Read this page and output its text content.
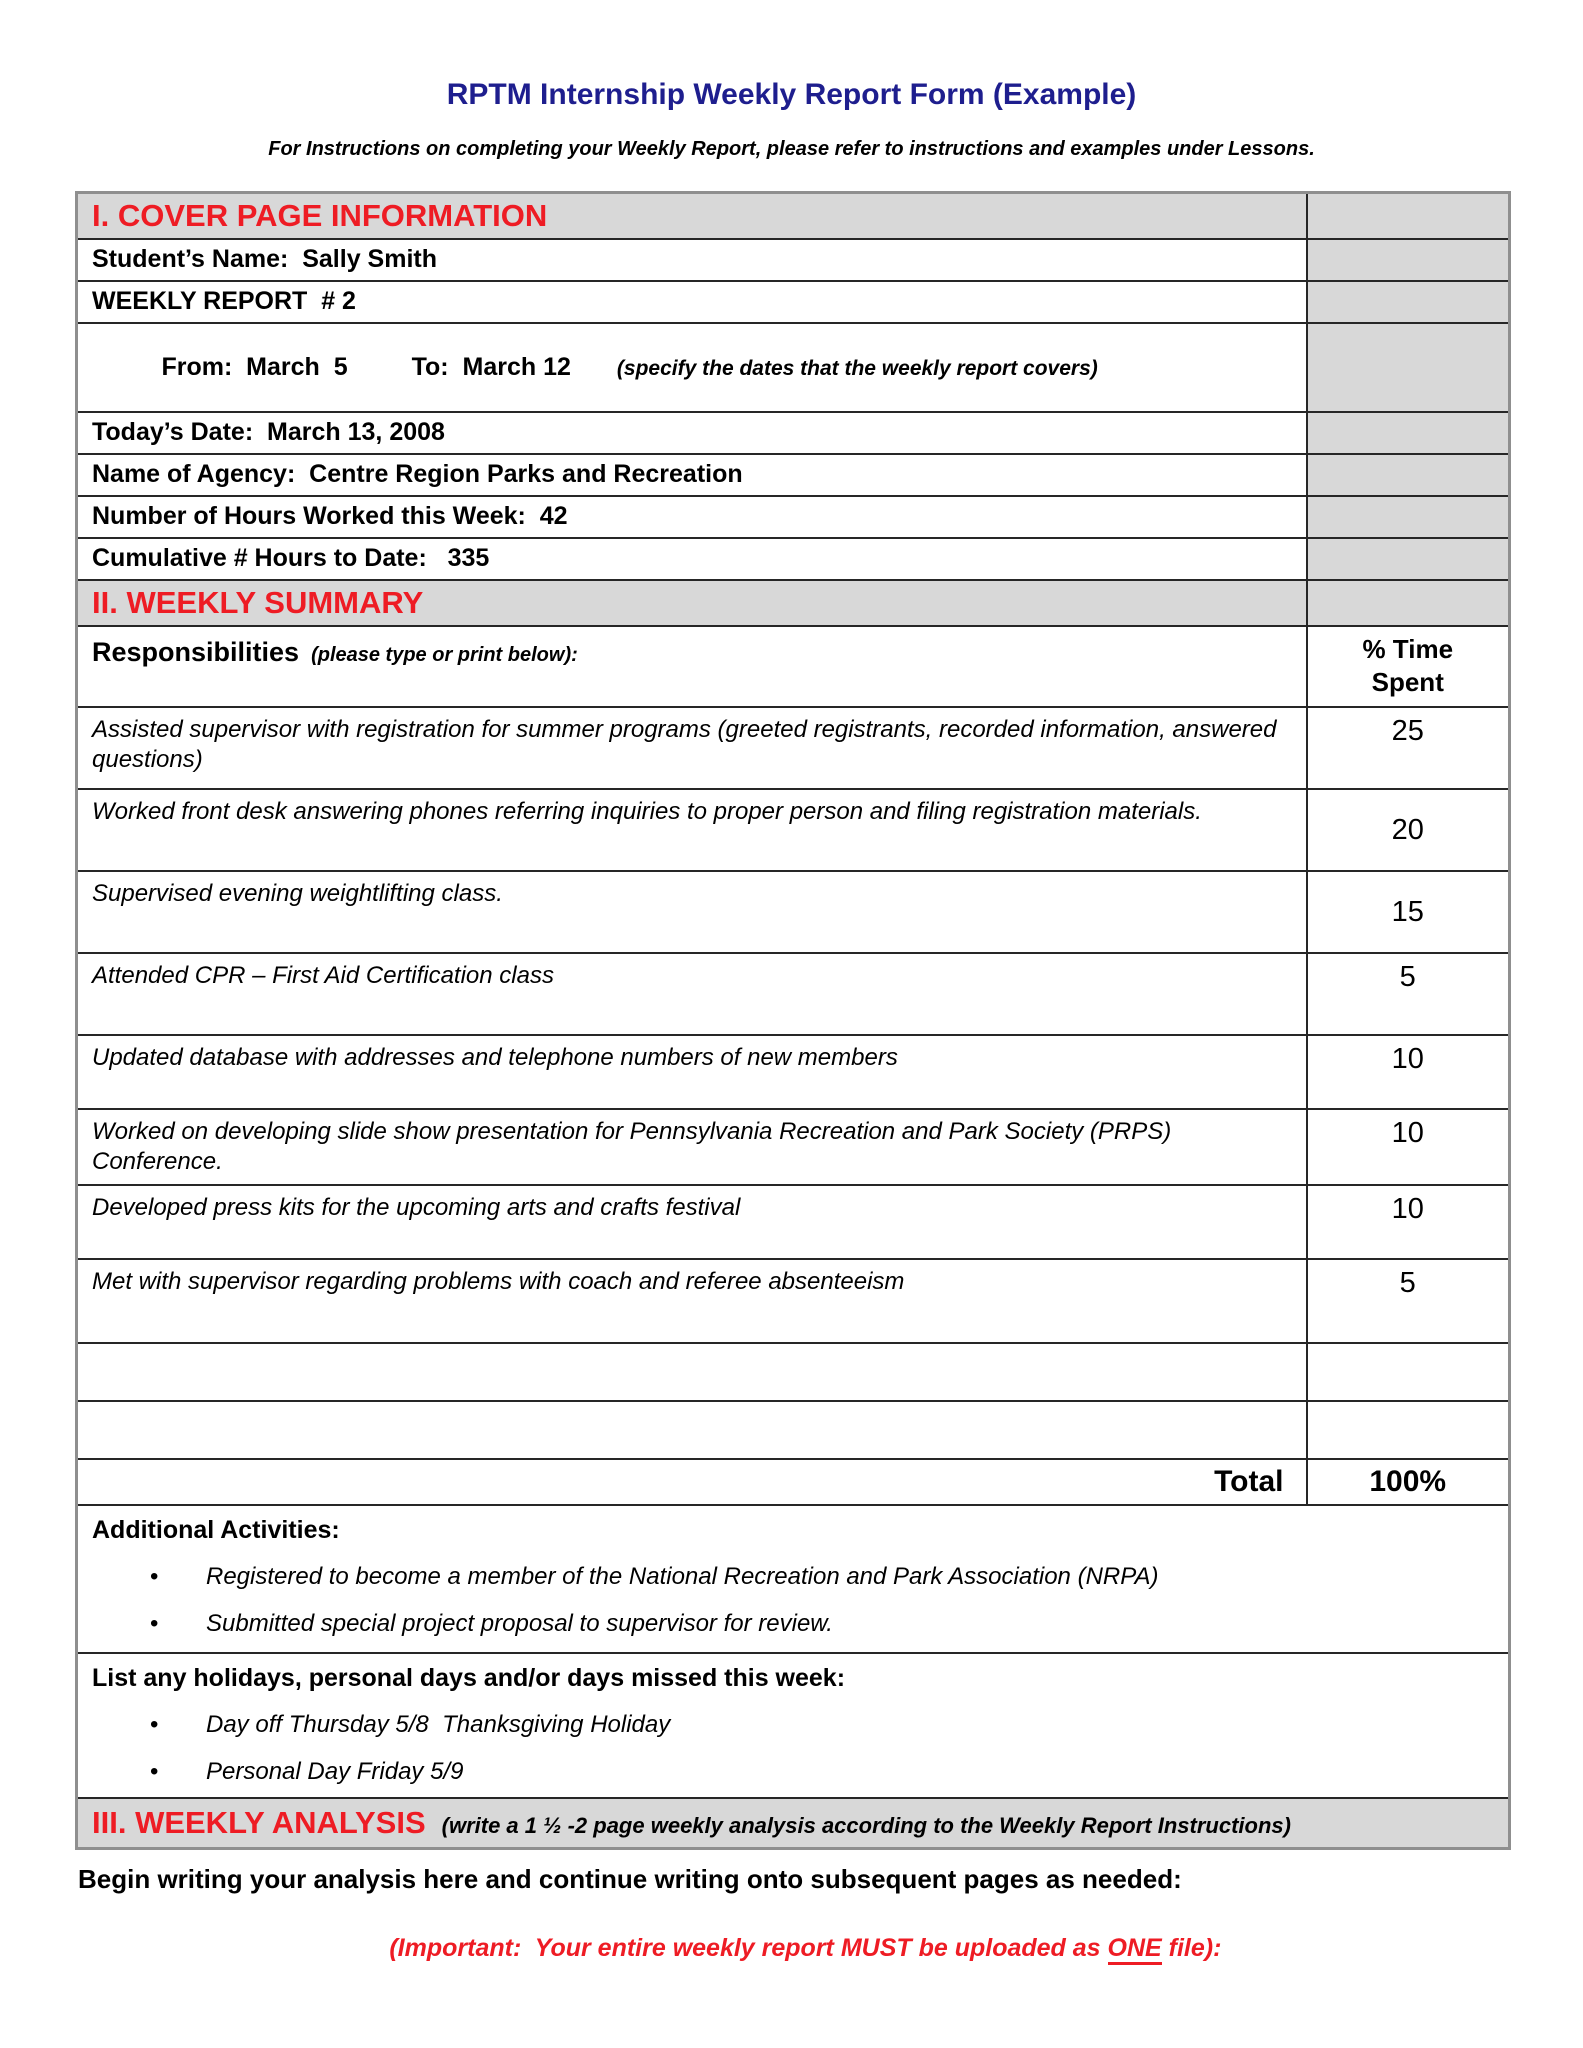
RPTM Internship Weekly Report Form (Example)
For Instructions on completing your Weekly Report, please refer to instructions and examples under Lessons.
I. COVER PAGE INFORMATION	
Student’s Name:  Sally Smith	
WEEKLY REPORT  # 2	

From:  March  5 To:  March 12 (specify the dates that the weekly report covers)

Today’s Date:  March 13, 2008	
Name of Agency:  Centre Region Parks and Recreation	
Number of Hours Worked this Week:  42	
Cumulative # Hours to Date:   335	
II. WEEKLY SUMMARY	
Responsibilities (please type or print below):	% Time Spent
Assisted supervisor with registration for summer programs (greeted registrants, recorded information, answered questions)	25
Worked front desk answering phones referring inquiries to proper person and filing registration materials.	20
Supervised evening weightlifting class.	15
Attended CPR – First Aid Certification class	5
Updated database with addresses and telephone numbers of new members	10
Worked on developing slide show presentation for Pennsylvania Recreation and Park Society (PRPS) Conference.	10
Developed press kits for the upcoming arts and crafts festival	10
Met with supervisor regarding problems with coach and referee absenteeism	5

Total	100%

Additional Activities:
• Registered to become a member of the National Recreation and Park Association (NRPA)
• Submitted special project proposal to supervisor for review.	

List any holidays, personal days and/or days missed this week:
• Day off Thursday 5/8  Thanksgiving Holiday
• Personal Day Friday 5/9	

III. WEEKLY ANALYSIS (write a 1 ½ -2 page weekly analysis according to the Weekly Report Instructions)	
Begin writing your analysis here and continue writing onto subsequent pages as needed:

(Important:  Your entire weekly report MUST be uploaded as ONE file):
